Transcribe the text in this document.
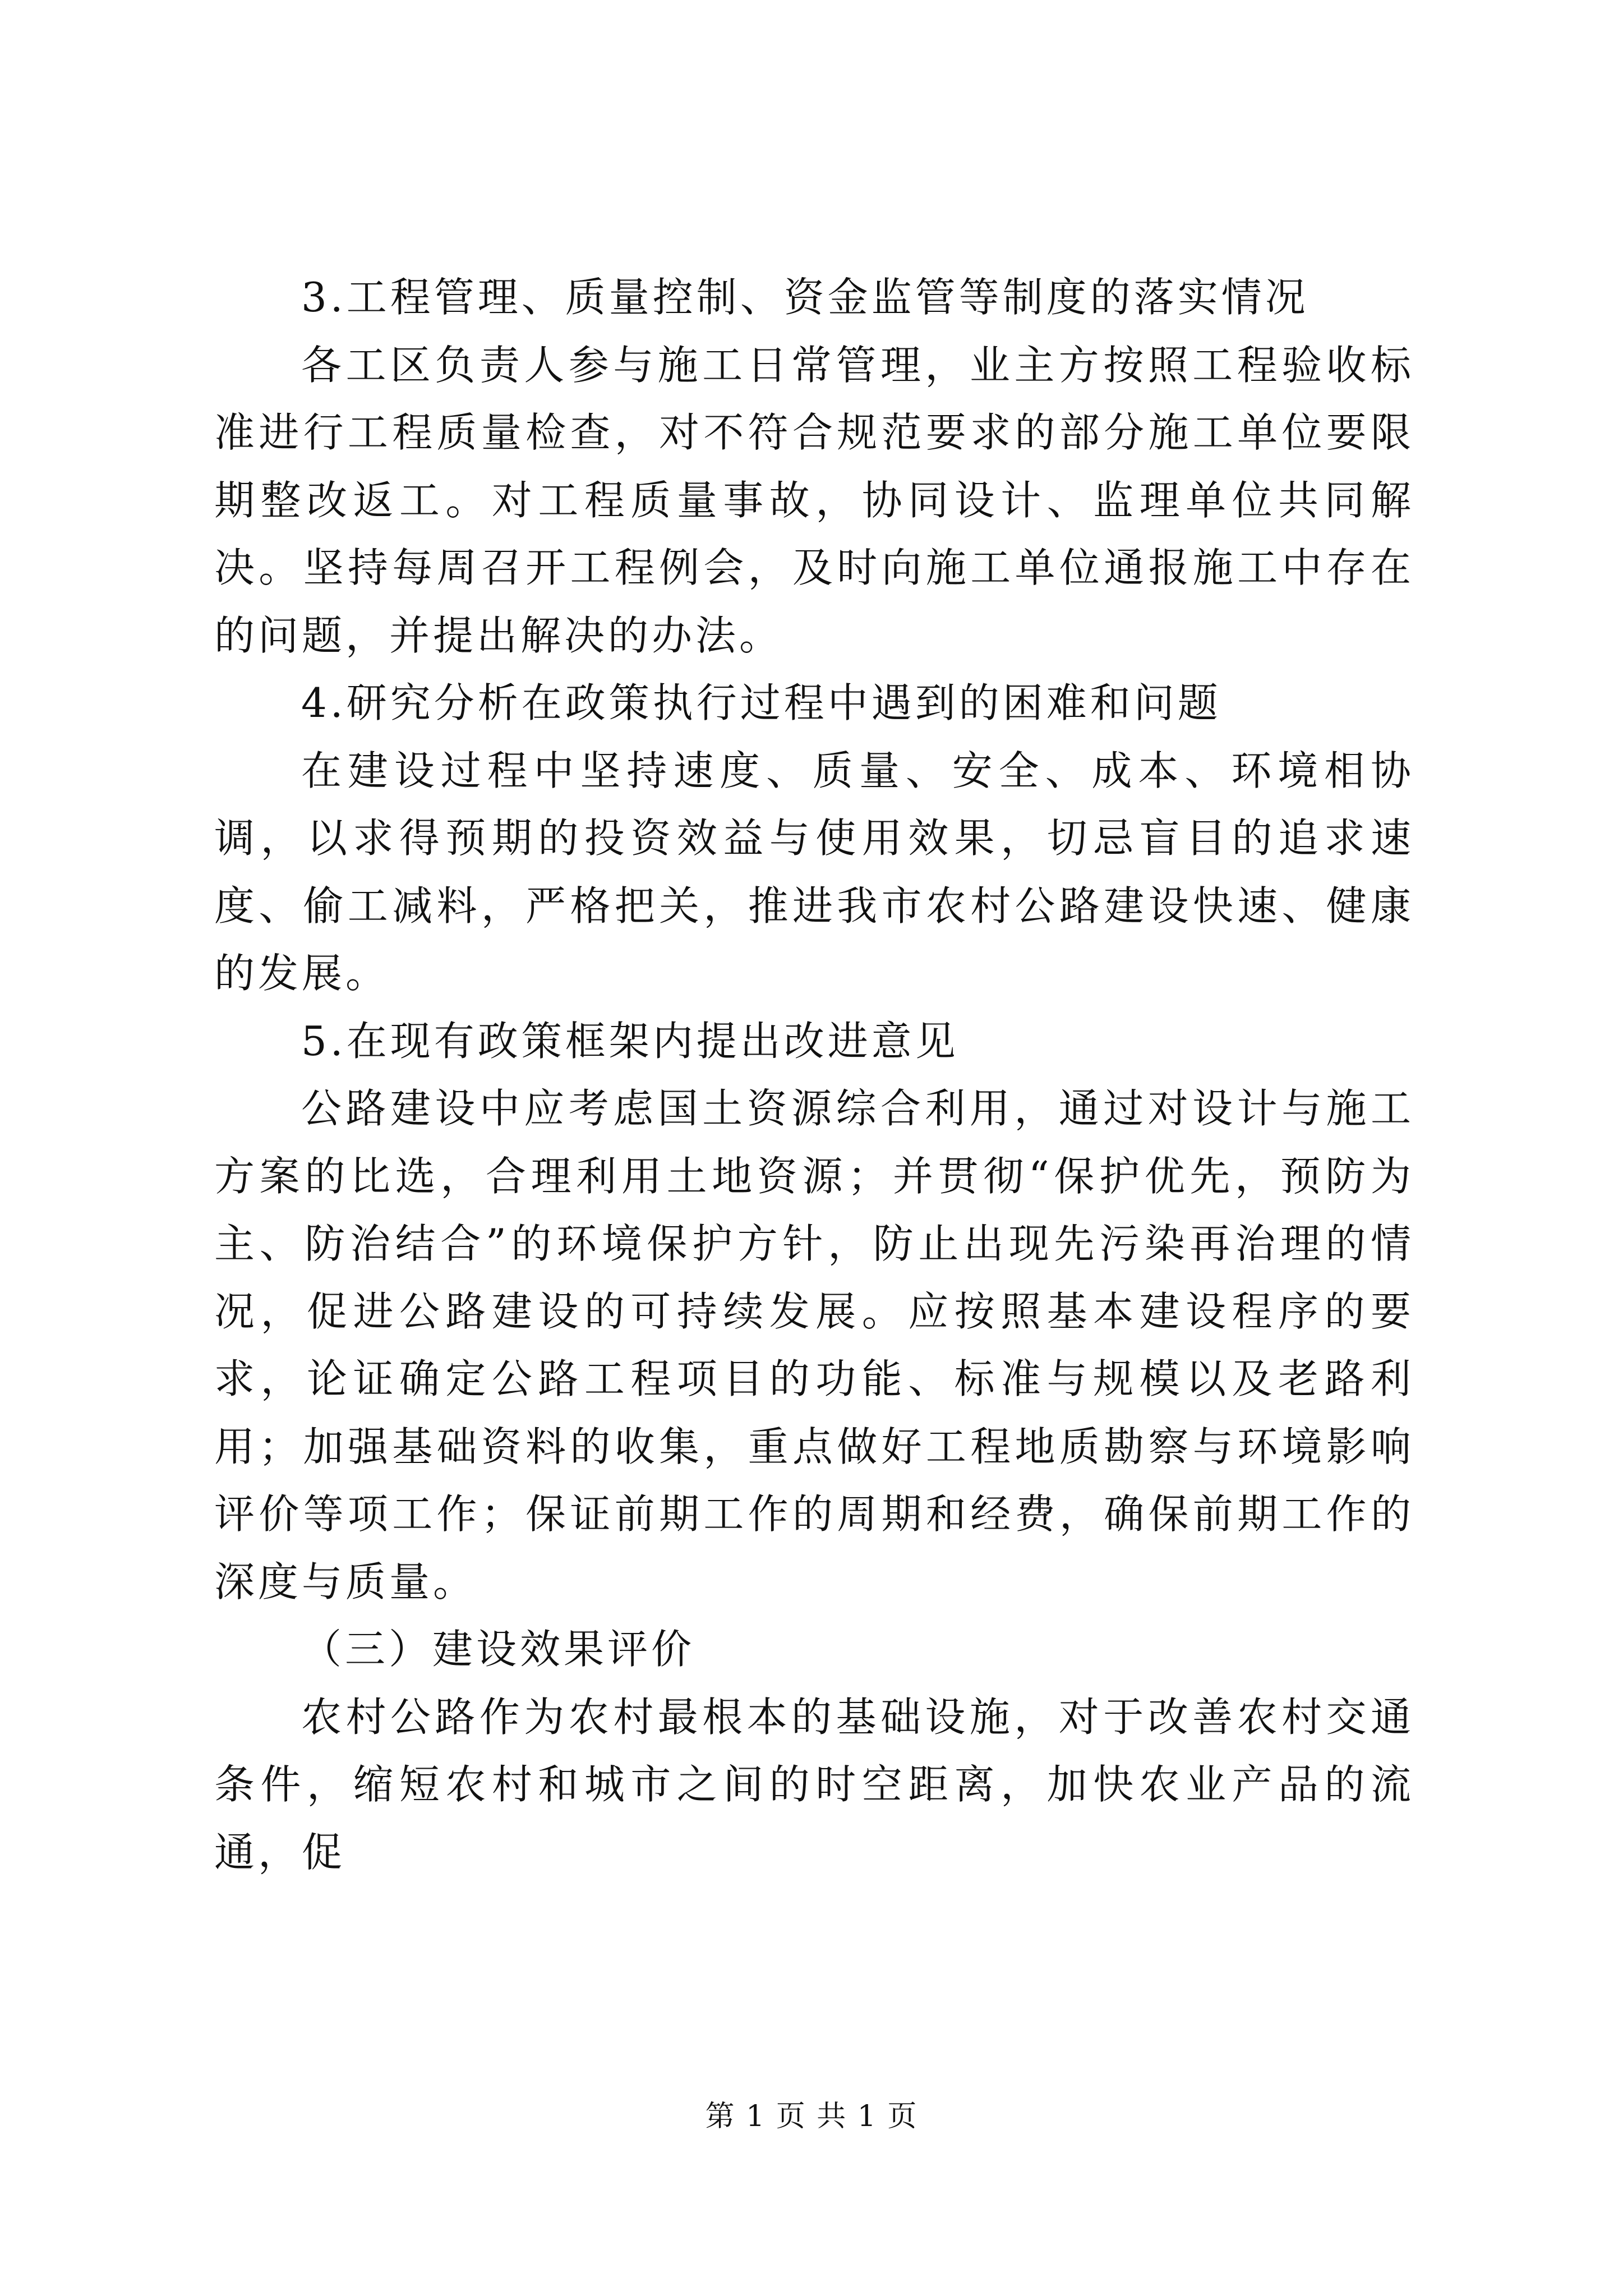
3.工程管理、质量控制、资金监管等制度的落实情况

各工区负责人参与施工日常管理，业主方按照工程验收标准进行工程质量检查，对不符合规范要求的部分施工单位要限期整改返工。对工程质量事故，协同设计、监理单位共同解决。坚持每周召开工程例会，及时向施工单位通报施工中存在的问题，并提出解决的办法。

4.研究分析在政策执行过程中遇到的困难和问题

在建设过程中坚持速度、质量、安全、成本、环境相协调，以求得预期的投资效益与使用效果，切忌盲目的追求速度、偷工减料，严格把关，推进我市农村公路建设快速、健康的发展。

5.在现有政策框架内提出改进意见

公路建设中应考虑国土资源综合利用，通过对设计与施工方案的比选，合理利用土地资源；并贯彻“保护优先，预防为主、防治结合”的环境保护方针，防止出现先污染再治理的情况，促进公路建设的可持续发展。应按照基本建设程序的要求，论证确定公路工程项目的功能、标准与规模以及老路利用；加强基础资料的收集，重点做好工程地质勘察与环境影响评价等项工作；保证前期工作的周期和经费，确保前期工作的深度与质量。

（三）建设效果评价

农村公路作为农村最根本的基础设施，对于改善农村交通条件，缩短农村和城市之间的时空距离，加快农业产品的流通，促

第 1 页 共 1 页
